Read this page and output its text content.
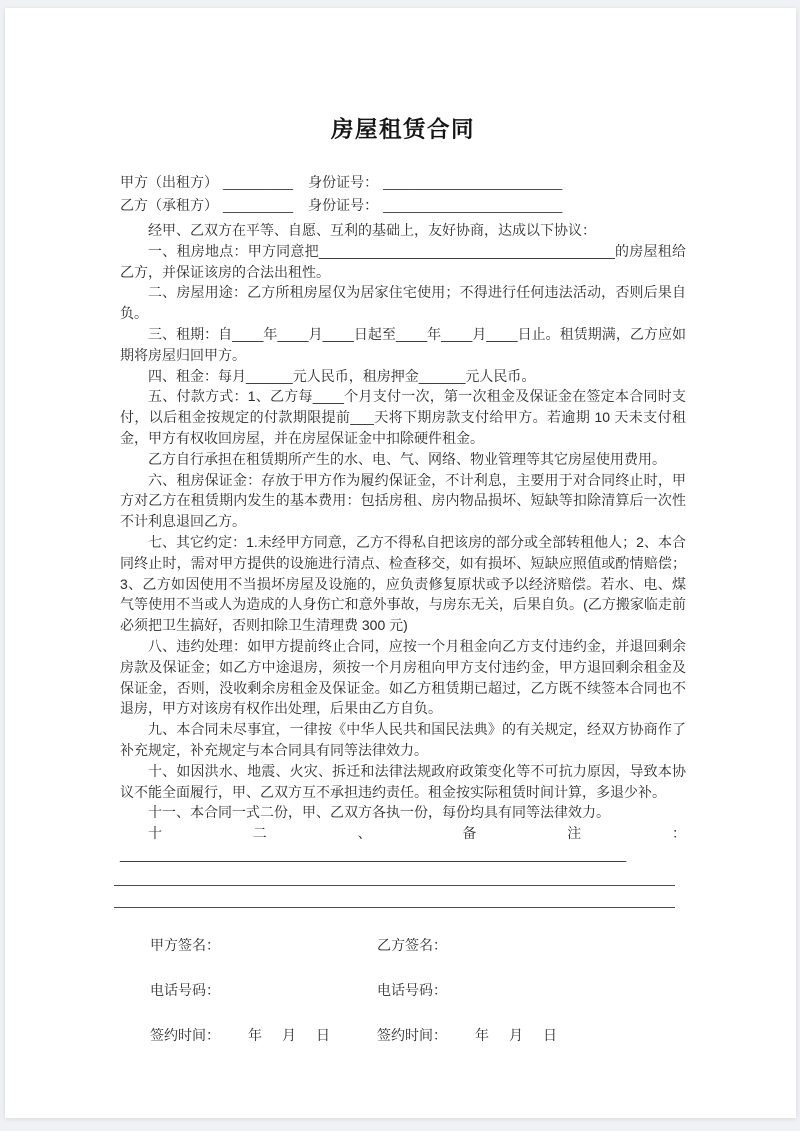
房屋租赁合同
甲方（出租方） _________ 身份证号： _______________________
乙方（承租方） _________ 身份证号： _______________________

经甲、乙双方在平等、自愿、互利的基础上，友好协商，达成以下协议：

一、租房地点：甲方同意把______________________________________的房屋租给乙方，并保证该房的合法出租性。

二、房屋用途：乙方所租房屋仅为居家住宅使用；不得进行任何违法活动，否则后果自负。

三、租期：自____年____月____日起至____年____月____日止。租赁期满，乙方应如期将房屋归回甲方。

四、租金：每月______元人民币，租房押金______元人民币。

五、付款方式：1、乙方每____个月支付一次，第一次租金及保证金在签定本合同时支付，以后租金按规定的付款期限提前___天将下期房款支付给甲方。若逾期 10 天未支付租金，甲方有权收回房屋，并在房屋保证金中扣除硬件租金。

乙方自行承担在租赁期所产生的水、电、气、网络、物业管理等其它房屋使用费用。

六、租房保证金：存放于甲方作为履约保证金，不计利息，主要用于对合同终止时，甲方对乙方在租赁期内发生的基本费用：包括房租、房内物品损坏、短缺等扣除清算后一次性不计利息退回乙方。

七、其它约定：1.未经甲方同意，乙方不得私自把该房的部分或全部转租他人；2、本合同终止时，需对甲方提供的设施进行清点、检查移交，如有损坏、短缺应照值或酌情赔偿；3、乙方如因使用不当损坏房屋及设施的，应负责修复原状或予以经济赔偿。若水、电、煤气等使用不当或人为造成的人身伤亡和意外事故，与房东无关，后果自负。(乙方搬家临走前必须把卫生搞好，否则扣除卫生清理费 300 元)

八、违约处理：如甲方提前终止合同，应按一个月租金向乙方支付违约金，并退回剩余房款及保证金；如乙方中途退房，须按一个月房租向甲方支付违约金，甲方退回剩余租金及保证金，否则，没收剩余房租金及保证金。如乙方租赁期已超过，乙方既不续签本合同也不退房，甲方对该房有权作出处理，后果由乙方自负。

九、本合同未尽事宜，一律按《中华人民共和国民法典》的有关规定，经双方协商作了补充规定，补充规定与本合同具有同等法律效力。

十、如因洪水、地震、火灾、拆迁和法律法规政府政策变化等不可抗力原因，导致本协议不能全面履行，甲、乙双方互不承担违约责任。租金按实际租赁时间计算，多退少补。

十一、本合同一式二份，甲、乙双方各执一份，每份均具有同等法律效力。

十二、备注：_________________________________________________________________

甲方签名：
电话号码：
签约时间： 年 月 日
乙方签名：
电话号码：
签约时间： 年 月 日
